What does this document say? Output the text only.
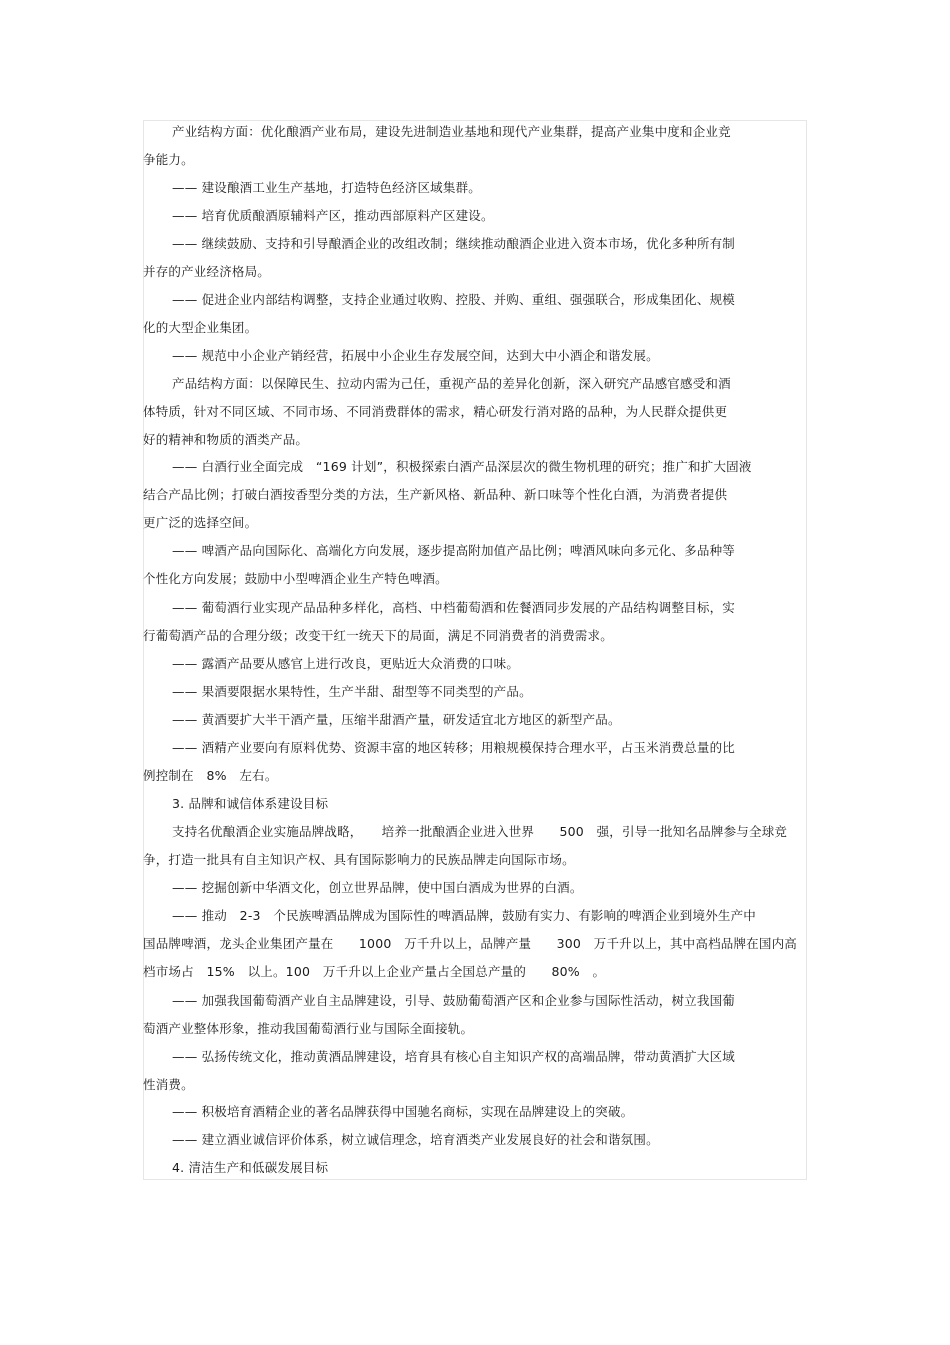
产业结构方面：优化酿酒产业布局，建设先进制造业基地和现代产业集群，提高产业集中度和企业竞
争能力。
—— 建设酿酒工业生产基地，打造特色经济区域集群。
—— 培育优质酿酒原辅料产区，推动西部原料产区建设。
—— 继续鼓励、支持和引导酿酒企业的改组改制；继续推动酿酒企业进入资本市场，优化多种所有制
并存的产业经济格局。
—— 促进企业内部结构调整，支持企业通过收购、控股、并购、重组、强强联合，形成集团化、规模
化的大型企业集团。
—— 规范中小企业产销经营，拓展中小企业生存发展空间，达到大中小酒企和谐发展。
产品结构方面：以保障民生、拉动内需为己任，重视产品的差异化创新，深入研究产品感官感受和酒
体特质，针对不同区域、不同市场、不同消费群体的需求，精心研发行消对路的品种，为人民群众提供更
好的精神和物质的酒类产品。
—— 白酒行业全面完成　“169 计划”，积极探索白酒产品深层次的微生物机理的研究；推广和扩大固液
结合产品比例；打破白酒按香型分类的方法，生产新风格、新品种、新口味等个性化白酒，为消费者提供
更广泛的选择空间。
—— 啤酒产品向国际化、高端化方向发展，逐步提高附加值产品比例；啤酒风味向多元化、多品种等
个性化方向发展；鼓励中小型啤酒企业生产特色啤酒。
—— 葡萄酒行业实现产品品种多样化，高档、中档葡萄酒和佐餐酒同步发展的产品结构调整目标，实
行葡萄酒产品的合理分级；改变干红一统天下的局面，满足不同消费者的消费需求。
—— 露酒产品要从感官上进行改良，更贴近大众消费的口味。
—— 果酒要限据水果特性，生产半甜、甜型等不同类型的产品。
—— 黄酒要扩大半干酒产量，压缩半甜酒产量，研发适宜北方地区的新型产品。
—— 酒精产业要向有原料优势、资源丰富的地区转移；用粮规模保持合理水平，占玉米消费总量的比
例控制在　8%　左右。
3. 品牌和诚信体系建设目标
支持名优酿酒企业实施品牌战略，　　培养一批酿酒企业进入世界　　500　强，引导一批知名品牌参与全球竞
争，打造一批具有自主知识产权、具有国际影响力的民族品牌走向国际市场。
—— 挖掘创新中华酒文化，创立世界品牌，使中国白酒成为世界的白酒。
—— 推动　2-3　个民族啤酒品牌成为国际性的啤酒品牌，鼓励有实力、有影响的啤酒企业到境外生产中
国品牌啤酒，龙头企业集团产量在　　1000　万千升以上，品牌产量　　300　万千升以上，其中高档品牌在国内高
档市场占　15%　以上。100　万千升以上企业产量占全国总产量的　　80%　。
—— 加强我国葡萄酒产业自主品牌建设，引导、鼓励葡萄酒产区和企业参与国际性活动，树立我国葡
萄酒产业整体形象，推动我国葡萄酒行业与国际全面接轨。
—— 弘扬传统文化，推动黄酒品牌建设，培育具有核心自主知识产权的高端品牌，带动黄酒扩大区域
性消费。
—— 积极培育酒精企业的著名品牌获得中国驰名商标，实现在品牌建设上的突破。
—— 建立酒业诚信评价体系，树立诚信理念，培育酒类产业发展良好的社会和谐氛围。
4. 清洁生产和低碳发展目标
